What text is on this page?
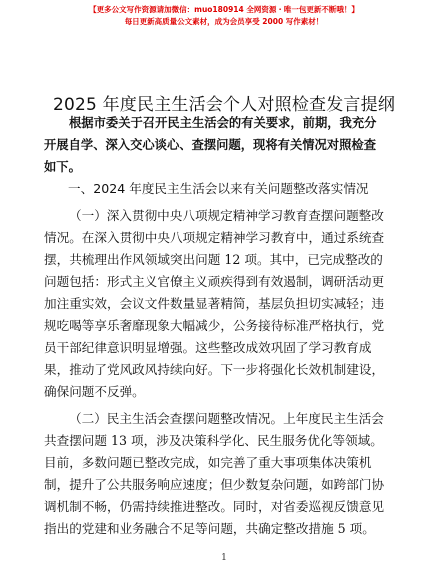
【更多公文写作资源请加微信：muo180914 全网资源・唯一包更新不断哦！】
每日更新高质量公文素材，成为会员享受 2000 写作素材！
2025 年度民主生活会个人对照检查发言提纲
根据市委关于召开民主生活会的有关要求，前期，我充分
开展自学、深入交心谈心、查摆问题，现将有关情况对照检查
如下。
一、2024 年度民主生活会以来有关问题整改落实情况
（一）深入贯彻中央八项规定精神学习教育查摆问题整改
情况。在深入贯彻中央八项规定精神学习教育中，通过系统查
摆，共梳理出作风领域突出问题 12 项。其中，已完成整改的
问题包括：形式主义官僚主义顽疾得到有效遏制，调研活动更
加注重实效，会议文件数量显著精简，基层负担切实减轻；违
规吃喝等享乐奢靡现象大幅减少，公务接待标准严格执行，党
员干部纪律意识明显增强。这些整改成效巩固了学习教育成
果，推动了党风政风持续向好。下一步将强化长效机制建设，
确保问题不反弹。
（二）民主生活会查摆问题整改情况。上年度民主生活会
共查摆问题 13 项，涉及决策科学化、民生服务优化等领域。
目前，多数问题已整改完成，如完善了重大事项集体决策机
制，提升了公共服务响应速度；但少数复杂问题，如跨部门协
调机制不畅，仍需持续推进整改。同时，对省委巡视反馈意见
指出的党建和业务融合不足等问题，共确定整改措施 5 项。
1
